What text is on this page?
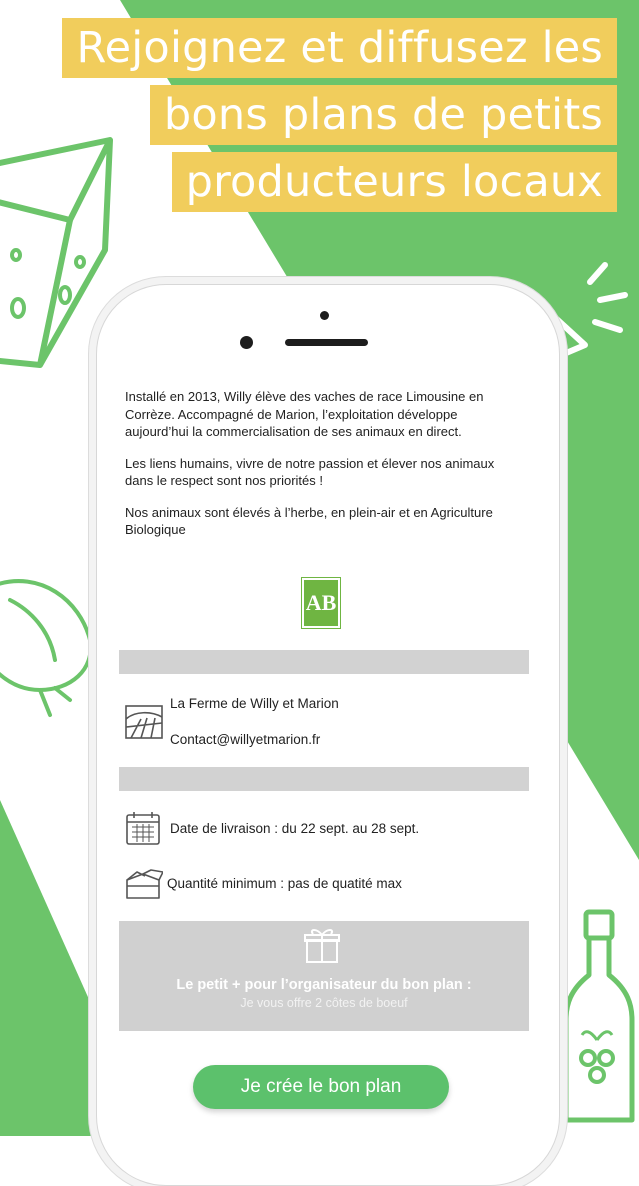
Rejoignez et diffusez les
bons plans de petits
producteurs locaux

Installé en 2013, Willy élève des vaches de race Limousine en Corrèze. Accompagné de Marion, l’exploitation développe aujourd’hui la commercialisation de ses animaux en direct.

Les liens humains, vivre de notre passion et élever nos animaux dans le respect sont nos priorités !

Nos animaux sont élevés à l’herbe, en plein-air et en Agriculture Biologique

AB
La Ferme de Willy et Marion
Contact@willyetmarion.fr
Date de livraison : du 22 sept. au 28 sept.
Quantité minimum : pas de quatité max
Le petit + pour l’organisateur du bon plan :
Je vous offre 2 côtes de boeuf
Je crée le bon plan
